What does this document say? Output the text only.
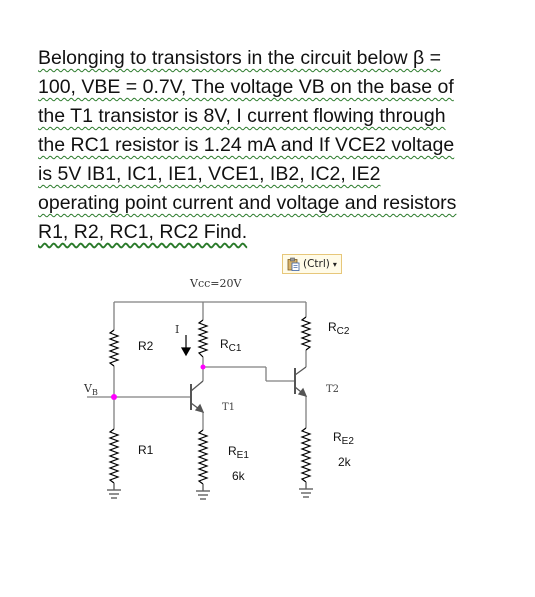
Belonging to transistors in the circuit below β =
100, VBE = 0.7V, The voltage VB on the base of
the T1 transistor is 8V, I current flowing through
the RC1 resistor is 1.24 mA and If VCE2 voltage
is 5V IB1, IC1, IE1, VCE1, IB2, IC2, IE2
operating point current and voltage and resistors
R1, R2, RC1, RC2 Find.
(Ctrl) ▾
Vcc=20V
$V_B$
I
R2
R1
$R_{C1}$
$R_{C2}$
$R_{E1}$
6k
$R_{E2}$
2k
T1
T2
